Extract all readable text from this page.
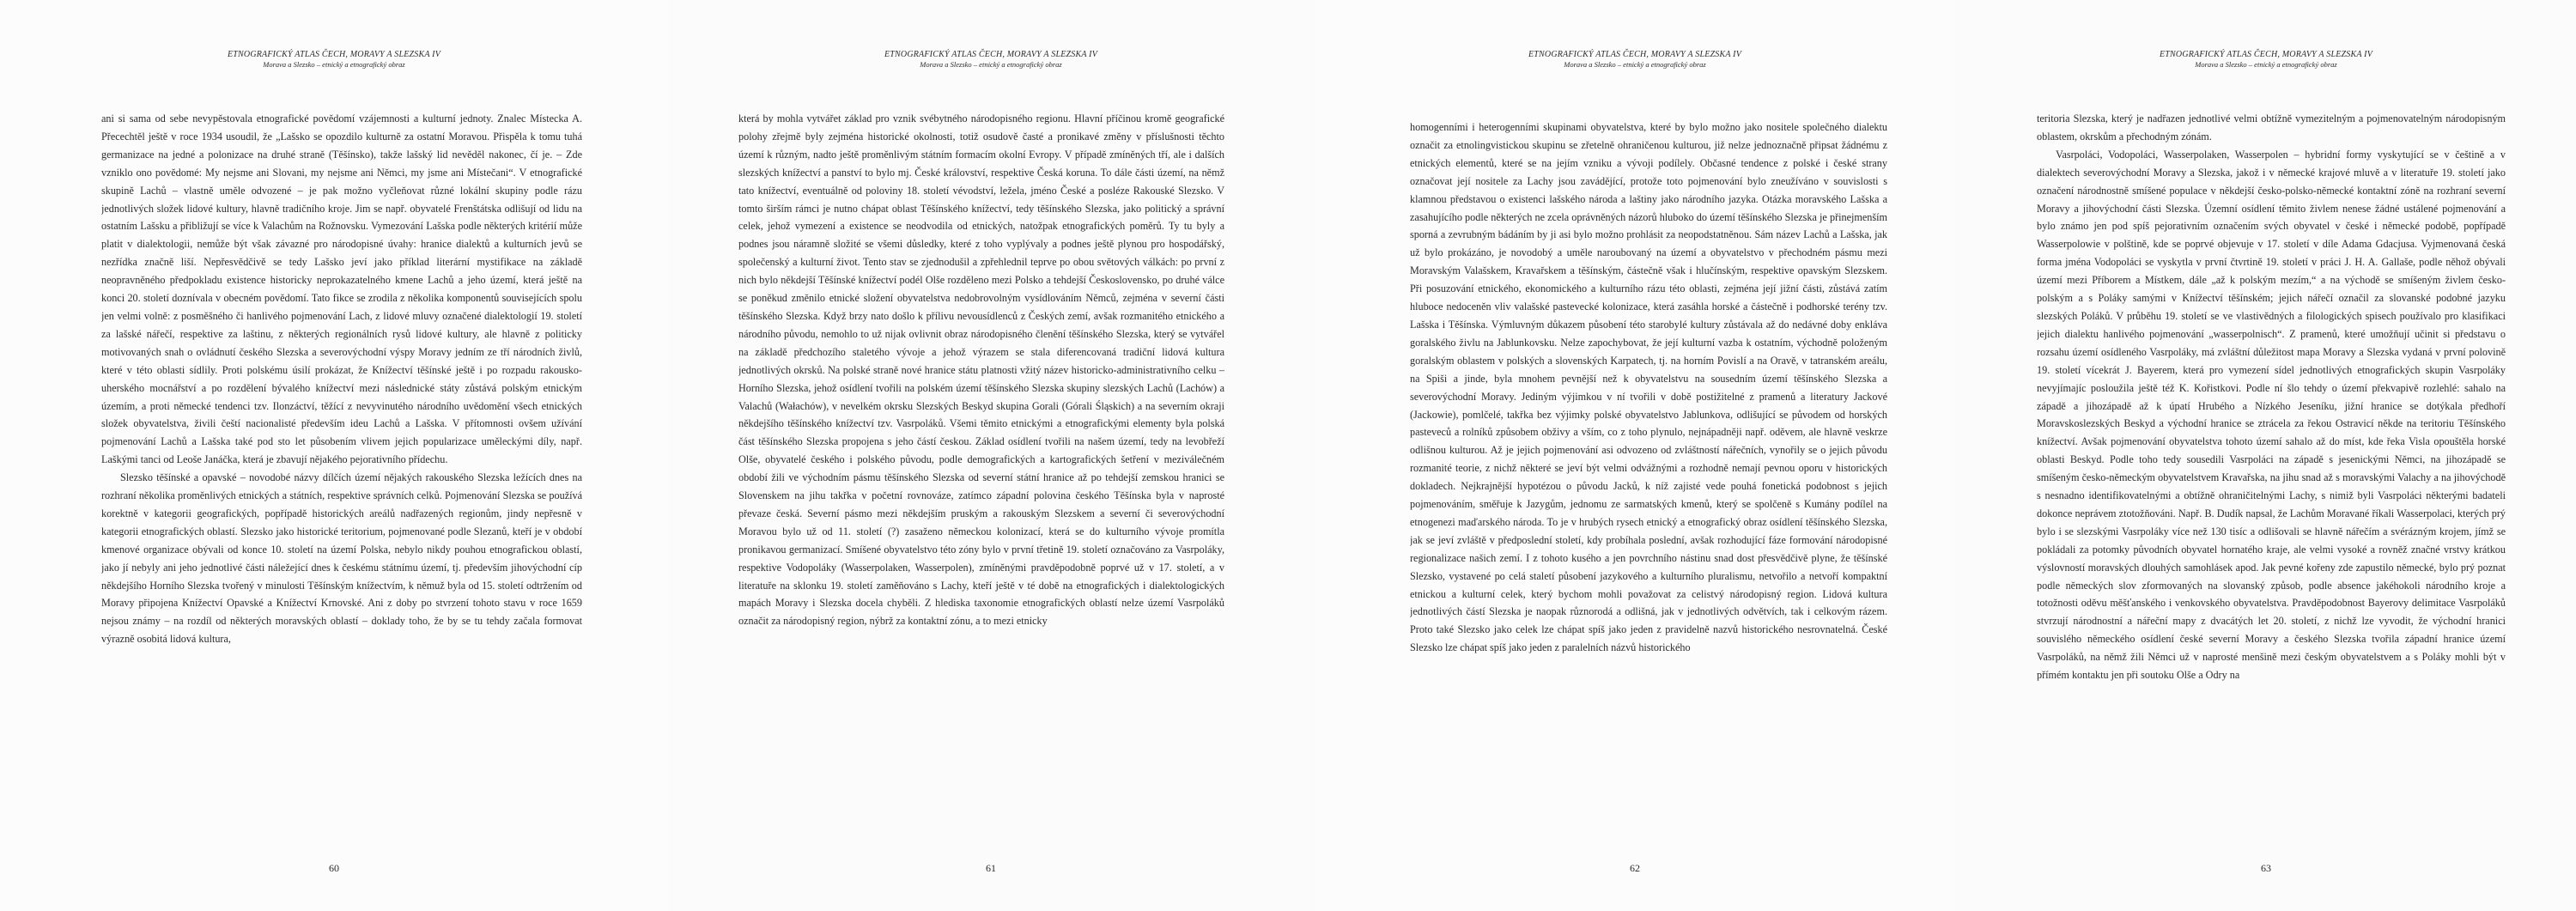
ETNOGRAFICKÝ ATLAS ČECH, MORAVY A SLEZSKA IV
Morava a Slezsko – etnický a etnografický obraz

ani si sama od sebe nevypěstovala etnografické povědomí vzájemnosti a kulturní jednoty. Znalec Místecka A. Přecechtěl ještě v roce 1934 usoudil, že „Lašsko se opozdilo kulturně za ostatní Moravou. Přispěla k tomu tuhá germanizace na jedné a polonizace na druhé straně (Těšínsko), takže lašský lid nevěděl nakonec, čí je. – Zde vzniklo ono povědomé: My nejsme ani Slovani, my nejsme ani Němci, my jsme ani Místečani“. V etnografické skupině Lachů – vlastně uměle odvozené – je pak možno vyčleňovat různé lokální skupiny podle rázu jednotlivých složek lidové kultury, hlavně tradičního kroje. Jim se např. obyvatelé Frenštátska odlišují od lidu na ostatním Lašsku a přibližují se více k Valachům na Rožnovsku. Vymezování Lašska podle některých kritérií může platit v dialektologii, nemůže být však závazné pro národopisné úvahy: hranice dialektů a kulturních jevů se nezřídka značně liší. Nepřesvědčivě se tedy Lašsko jeví jako příklad literární mystifikace na základě neopravněného předpokladu existence historicky neprokazatelného kmene Lachů a jeho území, která ještě na konci 20. století doznívala v obecném povědomí. Tato fikce se zrodila z několika komponentů souvisejících spolu jen velmi volně: z posměšného či hanlivého pojmenování Lach, z lidové mluvy označené dialektologií 19. století za lašské nářečí, respektive za laštinu, z některých regionálních rysů lidové kultury, ale hlavně z politicky motivovaných snah o ovládnutí českého Slezska a severovýchodní výspy Moravy jedním ze tří národních živlů, které v této oblasti sídlily. Proti polskému úsilí prokázat, že Knížectví těšínské ještě i po rozpadu rakousko-uherského mocnářství a po rozdělení bývalého knížectví mezi následnické státy zůstává polským etnickým územím, a proti německé tendenci tzv. Ilonzáctví, těžící z nevyvinutého národního uvědomění všech etnických složek obyvatelstva, živili čeští nacionalisté především ideu Lachů a Lašska. V přítomnosti ovšem užívání pojmenování Lachů a Lašska také pod sto let působením vlivem jejich popularizace uměleckými díly, např. Laškými tanci od Leoše Janáčka, která je zbavují nějakého pejorativního přídechu.

Slezsko těšínské a opavské – novodobé názvy dílčích území nějakých rakouského Slezska ležících dnes na rozhraní několika proměnlivých etnických a státních, respektive správních celků. Pojmenování Slezska se používá korektně v kategorii geografických, popřípadě historických areálů nadřazených regionům, jindy nepřesně v kategorii etnografických oblastí. Slezsko jako historické teritorium, pojmenované podle Slezanů, kteří je v období kmenové organizace obývali od konce 10. století na území Polska, nebylo nikdy pouhou etnografickou oblastí, jako jí nebyly ani jeho jednotlivé části náležející dnes k českému státnímu území, tj. především jihovýchodní cíp někdejšího Horního Slezska tvořený v minulosti Těšínským knížectvím, k němuž byla od 15. století odtržením od Moravy připojena Knížectví Opavské a Knížectví Krnovské. Ani z doby po stvrzení tohoto stavu v roce 1659 nejsou známy – na rozdíl od některých moravských oblastí – doklady toho, že by se tu tehdy začala formovat výrazně osobitá lidová kultura,

60
ETNOGRAFICKÝ ATLAS ČECH, MORAVY A SLEZSKA IV
Morava a Slezsko – etnický a etnografický obraz

která by mohla vytvářet základ pro vznik svébytného národopisného regionu. Hlavní příčinou kromě geografické polohy zřejmě byly zejména historické okolnosti, totiž osudově časté a pronikavé změny v příslušnosti těchto území k různým, nadto ještě proměnlivým státním formacím okolní Evropy. V případě zmíněných tří, ale i dalších slezských knížectví a panství to bylo mj. České království, respektive Česká koruna. To dále části území, na němž tato knížectví, eventuálně od poloviny 18. století vévodství, ležela, jméno České a posléze Rakouské Slezsko. V tomto širším rámci je nutno chápat oblast Těšínského knížectví, tedy těšínského Slezska, jako politický a správní celek, jehož vymezení a existence se neodvodila od etnických, natožpak etnografických poměrů. Ty tu byly a podnes jsou náramně složité se všemi důsledky, které z toho vyplývaly a podnes ještě plynou pro hospodářský, společenský a kulturní život. Tento stav se zjednodušil a zpřehlednil teprve po obou světových válkách: po první z nich bylo někdejší Těšínské knížectví podél Olše rozděleno mezi Polsko a tehdejší Československo, po druhé válce se poněkud změnilo etnické složení obyvatelstva nedobrovolným vysídlováním Němců, zejména v severní části těšínského Slezska. Když brzy nato došlo k přílivu nevousídlenců z Českých zemí, avšak rozmanitého etnického a národního původu, nemohlo to už nijak ovlivnit obraz národopisného členění těšínského Slezska, který se vytvářel na základě předchozího staletého vývoje a jehož výrazem se stala diferencovaná tradiční lidová kultura jednotlivých okrsků. Na polské straně nové hranice státu platnosti vžitý název historicko-administrativního celku – Horního Slezska, jehož osídlení tvořili na polském území těšínského Slezska skupiny slezských Lachů (Lachów) a Valachů (Wałachów), v nevelkém okrsku Slezských Beskyd skupina Gorali (Górali Śląskich) a na severním okraji někdejšího těšínského knížectví tzv. Vasrpoláků. Všemi těmito etnickými a etnografickými elementy byla polská část těšínského Slezska propojena s jeho částí českou. Základ osídlení tvořili na našem území, tedy na levobřeží Olše, obyvatelé českého i polského původu, podle demografických a kartografických šetření v meziválečném období žili ve východním pásmu těšínského Slezska od severní státní hranice až po tehdejší zemskou hranici se Slovenskem na jihu takřka v početní rovnováze, zatímco západní polovina českého Těšínska byla v naprosté převaze česká. Severní pásmo mezi někdejším pruským a rakouským Slezskem a severní či severovýchodní Moravou bylo už od 11. století (?) zasaženo německou kolonizací, která se do kulturního vývoje promítla pronikavou germanizací. Smíšené obyvatelstvo této zóny bylo v první třetině 19. století označováno za Vasrpoláky, respektive Vodopoláky (Wasserpolaken, Wasserpolen), zmíněnými pravděpodobně poprvé už v 17. století, a v literatuře na sklonku 19. století zaměňováno s Lachy, kteří ještě v té době na etnografických i dialektologických mapách Moravy i Slezska docela chyběli. Z hlediska taxonomie etnografických oblastí nelze území Vasrpoláků označit za národopisný region, nýbrž za kontaktní zónu, a to mezi etnicky

61
ETNOGRAFICKÝ ATLAS ČECH, MORAVY A SLEZSKA IV
Morava a Slezsko – etnický a etnografický obraz

homogenními i heterogenními skupinami obyvatelstva, které by bylo možno jako nositele společného dialektu označit za etnolingvistickou skupinu se zřetelně ohraničenou kulturou, již nelze jednoznačně připsat žádnému z etnických elementů, které se na jejím vzniku a vývoji podílely. Občasné tendence z polské i české strany označovat její nositele za Lachy jsou zavádějící, protože toto pojmenování bylo zneužíváno v souvislosti s klamnou představou o existenci lašského národa a laštiny jako národního jazyka. Otázka moravského Lašska a zasahujícího podle některých ne zcela oprávněných názorů hluboko do území těšínského Slezska je přinejmenším sporná a zevrubným bádáním by ji asi bylo možno prohlásit za neopodstatněnou. Sám název Lachů a Lašska, jak už bylo prokázáno, je novodobý a uměle naroubovaný na území a obyvatelstvo v přechodném pásmu mezi Moravským Valašskem, Kravařskem a těšínským, částečně však i hlučínským, respektive opavským Slezskem. Při posuzování etnického, ekonomického a kulturního rázu této oblasti, zejména její jižní části, zůstává zatím hluboce nedoceněn vliv valašské pastevecké kolonizace, která zasáhla horské a částečně i podhorské terény tzv. Lašska i Těšínska. Výmluvným důkazem působení této starobylé kultury zůstávala až do nedávné doby enkláva goralského živlu na Jablunkovsku. Nelze zapochybovat, že její kulturní vazba k ostatním, východně položeným goralským oblastem v polských a slovenských Karpatech, tj. na horním Povislí a na Oravě, v tatranském areálu, na Spiši a jinde, byla mnohem pevnější než k obyvatelstvu na sousedním území těšínského Slezska a severovýchodní Moravy. Jediným výjimkou v ní tvořili v době postižitelné z pramenů a literatury Jackové (Jackowie), pomlčelé, takřka bez výjimky polské obyvatelstvo Jablunkova, odlišující se původem od horských pasteveců a rolníků způsobem obživy a vším, co z toho plynulo, nejnápadněji např. oděvem, ale hlavně veskrze odlišnou kulturou. Až je jejich pojmenování asi odvozeno od zvláštností nářečních, vynořily se o jejich původu rozmanité teorie, z nichž některé se jeví být velmi odvážnými a rozhodně nemají pevnou oporu v historických dokladech. Nejkrajnější hypotézou o původu Jacků, k níž zajisté vede pouhá fonetická podobnost s jejich pojmenováním, směřuje k Jazygům, jednomu ze sarmatských kmenů, který se spolčeně s Kumány podílel na etnogenezi maďarského národa. To je v hrubých rysech etnický a etnografický obraz osídlení těšínského Slezska, jak se jeví zvláště v předposlední století, kdy probíhala poslední, avšak rozhodující fáze formování národopisné regionalizace našich zemí. I z tohoto kusého a jen povrchního nástinu snad dost přesvědčivě plyne, že těšínské Slezsko, vystavené po celá staletí působení jazykového a kulturního pluralismu, netvořilo a netvoří kompaktní etnickou a kulturní celek, který bychom mohli považovat za celistvý národopisný region. Lidová kultura jednotlivých částí Slezska je naopak různorodá a odlišná, jak v jednotlivých odvětvích, tak i celkovým rázem. Proto také Slezsko jako celek lze chápat spíš jako jeden z pravidelně nazvů historického nesrovnatelná. České Slezsko lze chápat spíš jako jeden z paralelních názvů historického

62
ETNOGRAFICKÝ ATLAS ČECH, MORAVY A SLEZSKA IV
Morava a Slezsko – etnický a etnografický obraz

teritoria Slezska, který je nadřazen jednotlivé velmi obtížně vymezitelným a pojmenovatelným národopisným oblastem, okrskům a přechodným zónám.

Vasrpoláci, Vodopoláci, Wasserpolaken, Wasserpolen – hybridní formy vyskytující se v češtině a v dialektech severovýchodní Moravy a Slezska, jakož i v německé krajové mluvě a v literatuře 19. století jako označení národnostně smíšené populace v někdejší česko-polsko-německé kontaktní zóně na rozhraní severní Moravy a jihovýchodní části Slezska. Územní osídlení těmito živlem nenese žádné ustálené pojmenování a bylo známo jen pod spíš pejorativním označením svých obyvatel v české i německé podobě, popřípadě Wasserpolowie v polštině, kde se poprvé objevuje v 17. století v díle Adama Gdacjusa. Vyjmenovaná česká forma jména Vodopoláci se vyskytla v první čtvrtině 19. století v práci J. H. A. Gallaše, podle něhož obývali území mezi Příborem a Místkem, dále „až k polským mezím,“ a na východě se smíšeným živlem česko-polským a s Poláky samými v Knížectví těšínském; jejich nářečí označil za slovanské podobné jazyku slezských Poláků. V průběhu 19. století se ve vlastivědných a filologických spisech používalo pro klasifikaci jejich dialektu hanlivého pojmenování „wasserpolnisch“. Z pramenů, které umožňují učinit si představu o rozsahu území osídleného Vasrpoláky, má zvláštní důležitost mapa Moravy a Slezska vydaná v první polovině 19. století vícekrát J. Bayerem, která pro vymezení sídel jednotlivých etnografických skupin Vasrpoláky nevyjímajíc posloužila ještě též K. Kořistkovi. Podle ní šlo tehdy o území překvapivě rozlehlé: sahalo na západě a jihozápadě až k úpatí Hrubého a Nízkého Jeseníku, jižní hranice se dotýkala předhoří Moravskoslezských Beskyd a východní hranice se ztrácela za řekou Ostravicí někde na teritoriu Těšínského knížectví. Avšak pojmenování obyvatelstva tohoto území sahalo až do míst, kde řeka Visla opouštěla horské oblasti Beskyd. Podle toho tedy sousedili Vasrpoláci na západě s jesenickými Němci, na jihozápadě se smíšeným česko-německým obyvatelstvem Kravařska, na jihu snad až s moravskými Valachy a na jihovýchodě s nesnadno identifikovatelnými a obtížně ohraničitelnými Lachy, s nimiž byli Vasrpoláci některými badateli dokonce neprávem ztotožňováni. Např. B. Dudík napsal, že Lachům Moravané říkali Wasserpolaci, kterých prý bylo i se slezskými Vasrpoláky více než 130 tisíc a odlišovali se hlavně nářečím a svérázným krojem, jímž se pokládali za potomky původních obyvatel hornatého kraje, ale velmi vysoké a rovněž značné vrstvy krátkou výslovností moravských dlouhých samohlásek apod. Jak pevné kořeny zde zapustilo německé, bylo prý poznat podle německých slov zformovaných na slovanský způsob, podle absence jakéhokoli národního kroje a totožnosti oděvu měšťanského i venkovského obyvatelstva. Pravděpodobnost Bayerovy delimitace Vasrpoláků stvrzují národnostní a nářeční mapy z dvacátých let 20. století, z nichž lze vyvodit, že východní hranici souvislého německého osídlení české severní Moravy a českého Slezska tvořila západní hranice území Vasrpoláků, na němž žili Němci už v naprosté menšině mezi českým obyvatelstvem a s Poláky mohli být v přímém kontaktu jen při soutoku Olše a Odry na

63
